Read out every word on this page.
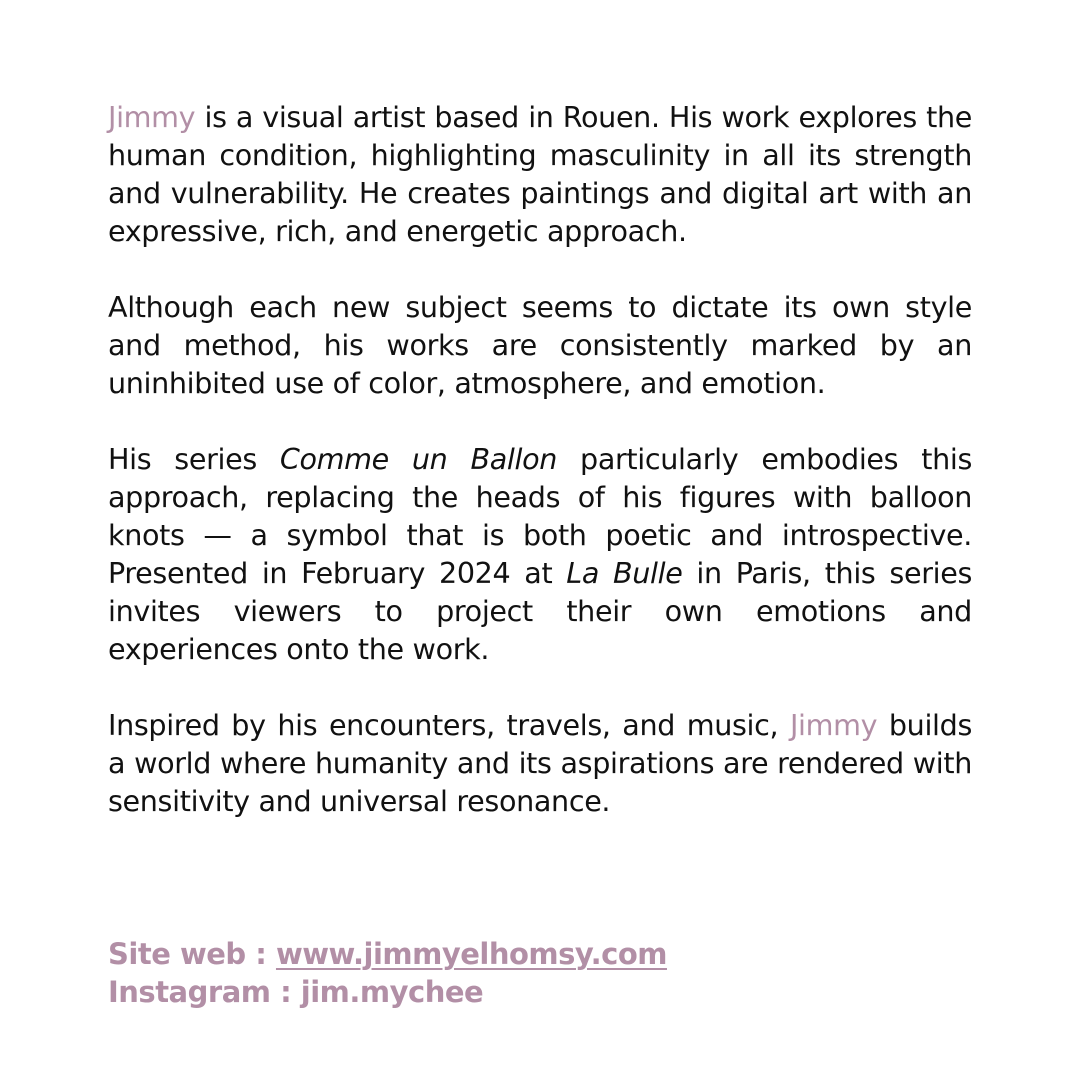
Jimmy is a visual artist based in Rouen. His work explores the human condition, highlighting masculinity in all its strength and vulnerability. He creates paintings and digital art with an expressive, rich, and energetic approach.

Although each new subject seems to dictate its own style and method, his works are consistently marked by an uninhibited use of color, atmosphere, and emotion.

His series Comme un Ballon particularly embodies this approach, replacing the heads of his figures with balloon knots — a symbol that is both poetic and introspective. Presented in February 2024 at La Bulle in Paris, this series invites viewers to project their own emotions and experiences onto the work.

Inspired by his encounters, travels, and music, Jimmy builds a world where humanity and its aspirations are rendered with sensitivity and universal resonance.

Site web : www.jimmyelhomsy.com
Instagram : jim.mychee
